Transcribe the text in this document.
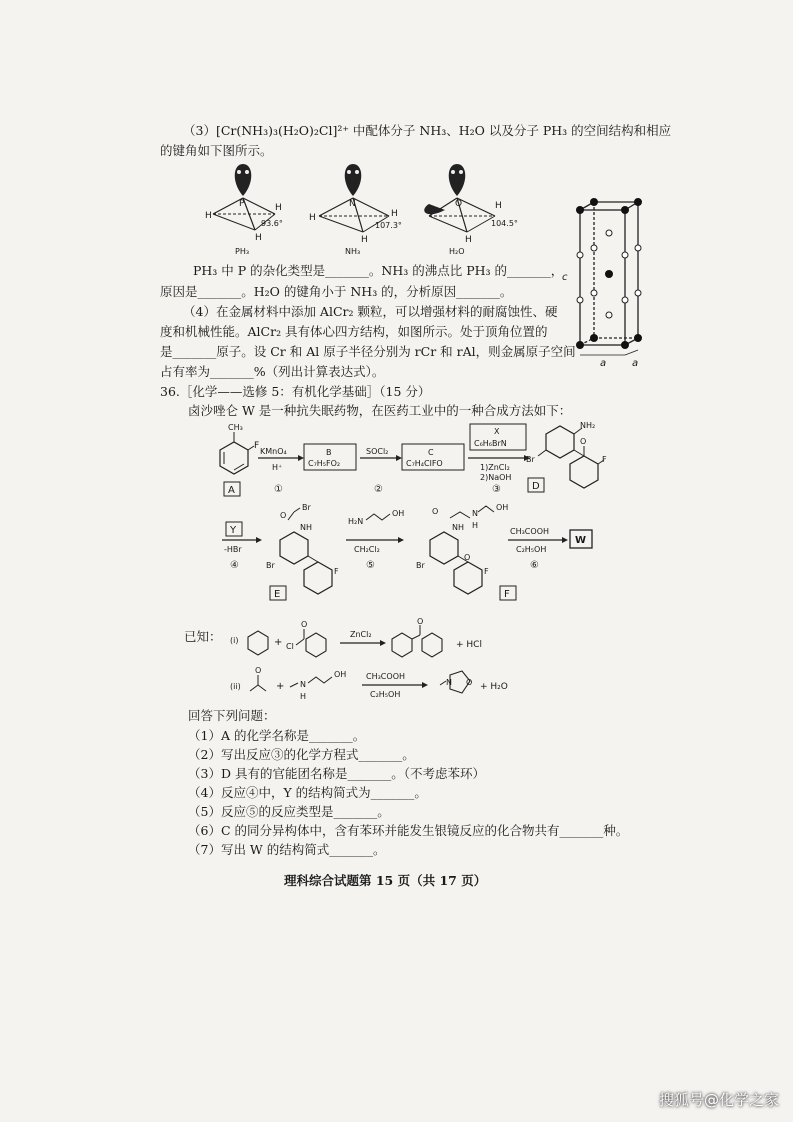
（3）[Cr(NH₃)₃(H₂O)₂Cl]²⁺ 中配体分子 NH₃、H₂O 以及分子 PH₃ 的空间结构和相应
的键角如下图所示。
P
H
H
H
93.6°
PH₃
N
H	H
H
107.3°
NH₃
O	H
H
104.5°
H₂O
c
a	a
PH₃ 中 P 的杂化类型是_______。NH₃ 的沸点比 PH₃ 的_______，
原因是_______。H₂O 的键角小于 NH₃ 的，分析原因_______。
（4）在金属材料中添加 AlCr₂ 颗粒，可以增强材料的耐腐蚀性、硬
度和机械性能。AlCr₂ 具有体心四方结构，如图所示。处于顶角位置的
是_______原子。设 Cr 和 Al 原子半径分别为 rCr 和 rAl，则金属原子空间
占有率为_______%（列出计算表达式）。
36.［化学——选修 5：有机化学基础］（15 分）
卤沙唑仑 W 是一种抗失眠药物，在医药工业中的一种合成方法如下：
CH₃
F
A
KMnO₄
H⁺
①
B
C₇H₅FO₂
SOCl₂
②
C
C₇H₄ClFO
X
C₆H₆BrN
1)ZnCl₂
2)NaOH
③
NH₂
Br
O
F
D
Y
-HBr
④
Br
O
NH
Br
F
E
H₂N
OH
CH₂Cl₂
⑤
O
NH
N
H
OH
Br
O
F
F
CH₃COOH
C₂H₅OH
⑥
W
已知： (i)	+ Cl
O
ZnCl₂
O
+ HCl
(ii)
O
+ N
H
OH CH₃COOH
C₂H₅OH
N O + H₂O
回答下列问题：
（1）A 的化学名称是_______。
（2）写出反应③的化学方程式_______。
（3）D 具有的官能团名称是_______。（不考虑苯环）
（4）反应④中，Y 的结构简式为_______。
（5）反应⑤的反应类型是_______。
（6）C 的同分异构体中，含有苯环并能发生银镜反应的化合物共有_______种。
（7）写出 W 的结构简式_______。
理科综合试题第 15 页（共 17 页）
搜狐号@化学之家
